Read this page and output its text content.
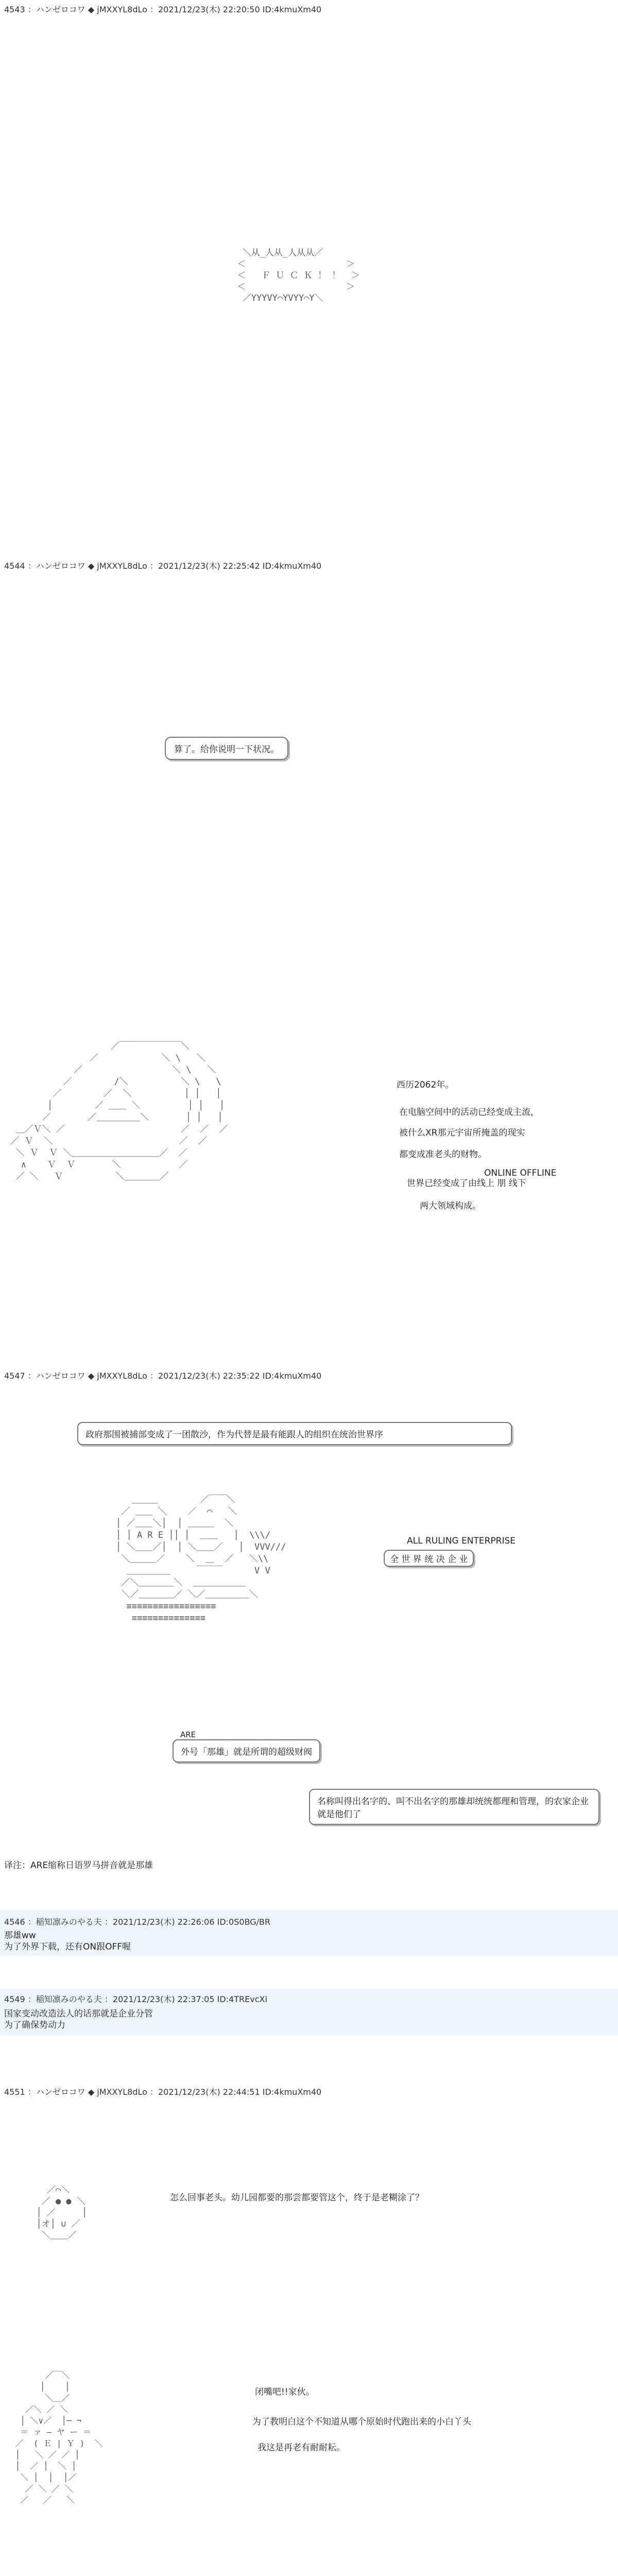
4543 ：ハンゼロコワ ◆ jMXXYL8dLo ：2021/12/23(木) 22:20:50 ID:4kmuXm40
＼从_人从_人从从／
＜                   ＞
＜   Ｆ Ｕ Ｃ Ｋ ！ ！  ＞
＜                   ＞
／YYYVY⌒YVYY⌒Y＼
4544 ：ハンゼロコワ ◆ jMXXYL8dLo ：2021/12/23(木) 22:25:42 ID:4kmuXm40
算了。给你说明一下状况。
／￣￣￣￣￣￣￣＼
／            ＼ \   ＼
／                 ＼ \   ＼
／        /＼          ＼ \   \
／        ／  ＼          │ │   │
│        ／ ＿＿ ＼         │ │   │
／       ／＿＿＿＿＿＼       │ │   │
＿／Ｖ＼ ／                      ／  ／  ／
／ Ｖ  ＼                        ／  ／
＼ Ｖ  Ｖ ＼＿＿＿＿＿＿＿＿＿＿／  ／
∧    Ｖ  Ｖ       ＼           ／
／ ＼   Ｖ          ＼＿＿＿＿／
西历2062年。
在电脑空间中的活动已经变成主流，
被什么XR那元宇宙所掩盖的现实
都变成准老头的财物。
ONLINE OFFLINE
世界已经变成了由线上 朋 线下
两大领域构成。
4547 ：ハンゼロコワ ◆ jMXXYL8dLo ：2021/12/23(木) 22:35:22 ID:4kmuXm40
政府那围被捕部变成了一团散沙，作为代替是最有能跟人的组织在统治世界序
＿＿＿        ／￣￣＼
／ ＿＿ ＼    ／  ⌒   ＼
│ ／＿＿＼│  │ ＿＿＿  ＼
│ │ A R E ││ │  ＿＿   │  \\\/
│ ＼＿＿／│  │ ＼＿＿／   │  VVV///
＼＿＿＿／    ＼  ＿  ／   ＼\\
＿＿＿＿＿     ￣￣￣      V V
／＼＿＿＿＿＼  ＿＿＿＿＿＿
＼／＿＿＿＿／ ＼／＿＿＿＿＿＼
≡≡≡≡≡≡≡≡≡≡≡≡≡≡≡≡≡
≡≡≡≡≡≡≡≡≡≡≡≡≡≡
ALL RULING ENTERPRISE
全 世 界 统 决 企 业
ARE
外号「那雄」就是所谓的超级财阀
名称叫得出名字的、叫不出名字的那雄却统统都理和管理，的农家企业就是他们了
译注：ARE缩称日语罗马拼音就是那雄
4546 ：稲知凛みのやる夫 ：2021/12/23(木) 22:26:06 ID:0S0BG/BR
那雄ww
为了外界下载，还有ON跟OFF喔
4549 ：稲知凛みのやる夫 ：2021/12/23(木) 22:37:05 ID:4TREvcXi
国家变动改造法人的话那就是企业分管
为了确保势动力
4551 ：ハンゼロコワ ◆ jMXXYL8dLo ：2021/12/23(木) 22:44:51 ID:4kmuXm40
／⌒＼
／ ● ● ＼
│ ／     │
│オ│ ∪ ／
＼＿＿／
怎么回事老头。幼儿园都要的那尝都要管这个，终于是老糊涂了？
／￣＼
│    │
＼＿／
／＼ ／ ＼
│ ＼∨／  │─ ¬
＝ ァ ― ヤ ー ＝
／  ( Ｅ | Ｙ )  ＼
│   ＼ ／ ／ │
│  ／ │  ＼ │
＼ │  │  │／
／ ＼ ／ ＼
／   ／   ＼
闭嘴吧!!家伙。
为了教明白这个不知道从哪个原始时代跑出来的小白丫头
我这是再老有耐耐耘。
